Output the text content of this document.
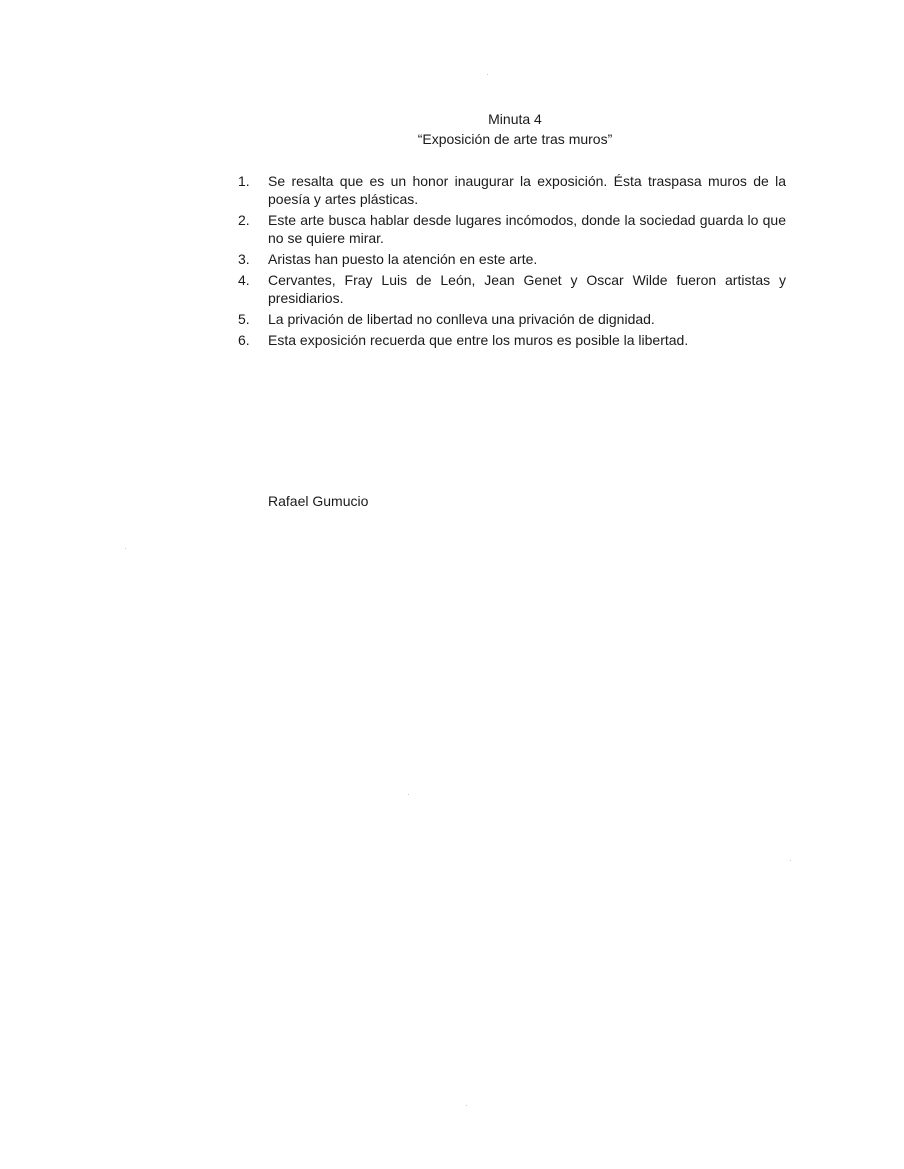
Minuta 4
“Exposición de arte tras muros”
1.	Se resalta que es un honor inaugurar la exposición. Ésta traspasa muros de la poesía y artes plásticas.
2.	Este arte busca hablar desde lugares incómodos, donde la sociedad guarda lo que no se quiere mirar.
3.	Aristas han puesto la atención en este arte.
4.	Cervantes, Fray Luis de León, Jean Genet y Oscar Wilde fueron artistas y presidiarios.
5.	La privación de libertad no conlleva una privación de dignidad.
6.	Esta exposición recuerda que entre los muros es posible la libertad.
Rafael Gumucio
